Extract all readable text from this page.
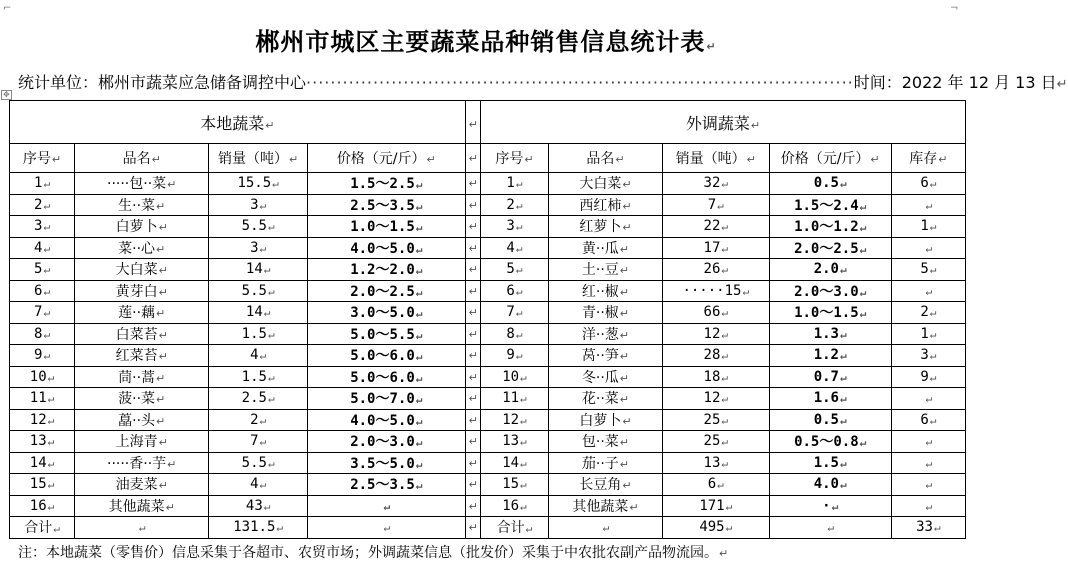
⌐	¬
✥
郴州市城区主要蔬菜品种销售信息统计表↵
统计单位：郴州市蔬菜应急储备调控中心 ·························································································· 时间：2022 年 12 月 13 日 ↵
本地蔬菜↵				↵	外调蔬菜↵				
序号↵	品名↵	销量（吨）↵	价格（元/斤）↵	↵	序号↵	品名↵	销量（吨）↵	价格（元/斤）↵	库存↵
1↵	·····包··菜↵	15.5↵	1.5～2.5↵	↵	1↵	大白菜↵	32↵	0.5↵	6↵
2↵	生··菜↵	3↵	2.5～3.5↵	↵	2↵	西红柿↵	7↵	1.5～2.4↵	↵
3↵	白萝卜↵	5.5↵	1.0～1.5↵	↵	3↵	红萝卜↵	22↵	1.0～1.2↵	1↵
4↵	菜··心↵	3↵	4.0～5.0↵	↵	4↵	黄··瓜↵	17↵	2.0～2.5↵	↵
5↵	大白菜↵	14↵	1.2～2.0↵	↵	5↵	土··豆↵	26↵	2.0↵	5↵
6↵	黄芽白↵	5.5↵	2.0～2.5↵	↵	6↵	红··椒↵	·····15↵	2.0～3.0↵	↵
7↵	莲··藕↵	14↵	3.0～5.0↵	↵	7↵	青··椒↵	66↵	1.0～1.5↵	2↵
8↵	白菜苔↵	1.5↵	5.0～5.5↵	↵	8↵	洋··葱↵	12↵	1.3↵	1↵
9↵	红菜苔↵	4↵	5.0～6.0↵	↵	9↵	莴··笋↵	28↵	1.2↵	3↵
10↵	茼··蒿↵	1.5↵	5.0～6.0↵	↵	10↵	冬··瓜↵	18↵	0.7↵	9↵
11↵	菠··菜↵	2.5↵	5.0～7.0↵	↵	11↵	花··菜↵	12↵	1.6↵	↵
12↵	藠··头↵	2↵	4.0～5.0↵	↵	12↵	白萝卜↵	25↵	0.5↵	6↵
13↵	上海青↵	7↵	2.0～3.0↵	↵	13↵	包··菜↵	25↵	0.5～0.8↵	↵
14↵	·····香··芋↵	5.5↵	3.5～5.0↵	↵	14↵	茄··子↵	13↵	1.5↵	↵
15↵	油麦菜↵	4↵	2.5～3.5↵	↵	15↵	长豆角↵	6↵	4.0↵	↵
16↵	其他蔬菜↵	43↵	↵	↵	16↵	其他蔬菜↵	171↵	·↵	↵
合计↵	↵	131.5↵	↵	↵	合计↵	↵	495↵	↵	33↵
注：本地蔬菜（零售价）信息采集于各超市、农贸市场；外调蔬菜信息（批发价）采集于中农批农副产品物流园。↵
